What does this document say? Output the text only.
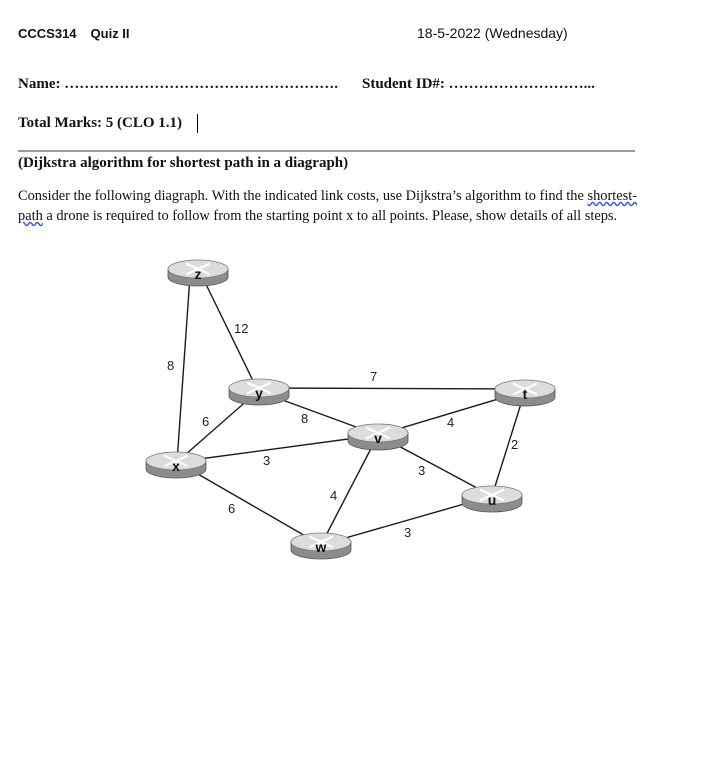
CCCS314 Quiz II	18-5-2022 (Wednesday)
Name: ………………………………………………. Student ID#: ………………………...
Total Marks: 5 (CLO 1.1)
(Dijkstra algorithm for shortest path in a diagraph)
Consider the following diagraph. With the indicated link costs, use Dijkstra’s algorithm to find the shortest-path a drone is required to follow from the starting point x to all points. Please, show details of all steps.
12
8
6
7
8
3
6
4
3
4
2
3
z
y
x
v
t
u
w
